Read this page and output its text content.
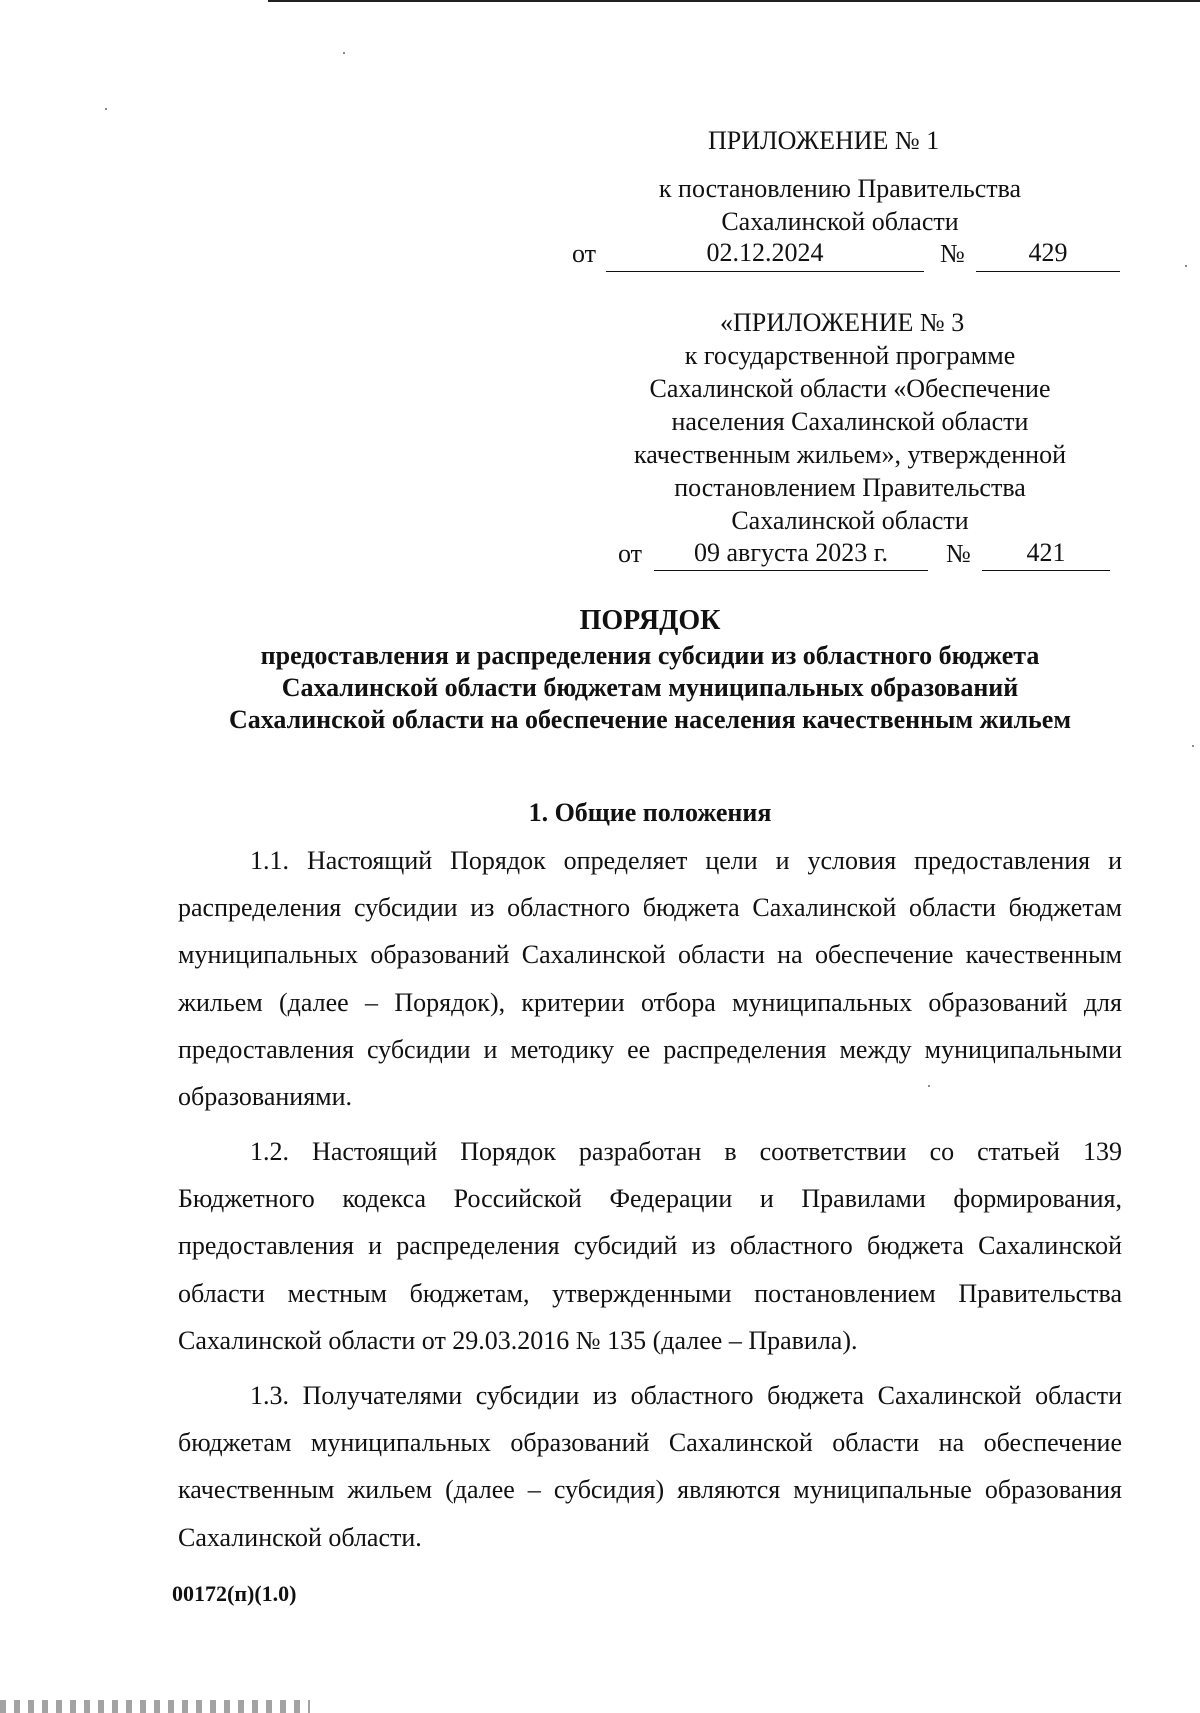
ПРИЛОЖЕНИЕ № 1
к постановлению Правительства
Сахалинской области
от	02.12.2024	№	429
«ПРИЛОЖЕНИЕ № 3
к государственной программе
Сахалинской области «Обеспечение
населения Сахалинской области
качественным жильем», утвержденной
постановлением Правительства
Сахалинской области
от	09 августа 2023 г.	№	421
ПОРЯДОК
предоставления и распределения субсидии из областного бюджета
Сахалинской области бюджетам муниципальных образований
Сахалинской области на обеспечение населения качественным жильем
1. Общие положения
1.1. Настоящий Порядок определяет цели и условия предоставления и распределения субсидии из областного бюджета Сахалинской области бюджетам муниципальных образований Сахалинской области на обеспечение качественным жильем (далее – Порядок), критерии отбора муниципальных образований для предоставления субсидии и методику ее распределения между муниципальными образованиями.
1.2. Настоящий Порядок разработан в соответствии со статьей 139 Бюджетного кодекса Российской Федерации и Правилами формирования, предоставления и распределения субсидий из областного бюджета Сахалинской области местным бюджетам, утвержденными постановлением Правительства Сахалинской области от 29.03.2016 № 135 (далее – Правила).
1.3. Получателями субсидии из областного бюджета Сахалинской области бюджетам муниципальных образований Сахалинской области на обеспечение качественным жильем (далее – субсидия) являются муниципальные образования Сахалинской области.
00172(п)(1.0)
